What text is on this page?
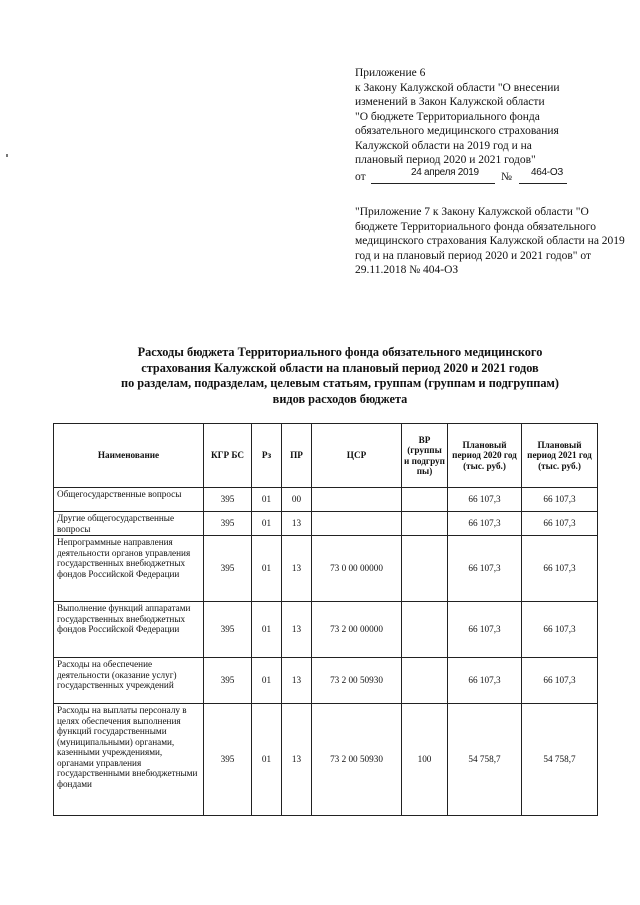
Приложение 6
к Закону Калужской области "О внесении
изменений в Закон Калужской области
"О бюджете Территориального фонда
обязательного медицинского страхования
Калужской области на 2019 год и на
плановый период 2020 и 2021 годов"
от	24 апреля 2019 № 464-ОЗ
"Приложение 7 к Закону Калужской области "О бюджете Территориального фонда обязательного медицинского страхования Калужской области на 2019 год и на плановый период 2020 и 2021 годов" от 29.11.2018 № 404-ОЗ
Расходы бюджета Территориального фонда обязательного медицинского
страхования Калужской области на плановый период 2020 и 2021 годов
по разделам, подразделам, целевым статьям, группам (группам и подгруппам)
видов расходов бюджета
Наименование	КГР БС	Рз	ПР	ЦСР	ВР (группы и подгруп пы)	Плановый период 2020 год (тыс. руб.)	Плановый период 2021 год (тыс. руб.)
Общегосударственные вопросы	395	01	00			66 107,3	66 107,3
Другие общегосударственные вопросы	395	01	13			66 107,3	66 107,3
Непрограммные направления деятельности органов управления государственных внебюджетных фондов Российской Федерации	395	01	13	73 0 00 00000		66 107,3	66 107,3
Выполнение функций аппаратами государственных внебюджетных фондов Российской Федерации	395	01	13	73 2 00 00000		66 107,3	66 107,3
Расходы на обеспечение деятельности (оказание услуг) государственных учреждений	395	01	13	73 2 00 50930		66 107,3	66 107,3
Расходы на выплаты персоналу в целях обеспечения выполнения функций государственными (муниципальными) органами, казенными учреждениями, органами управления государственными внебюджетными фондами	395	01	13	73 2 00 50930	100	54 758,7	54 758,7
